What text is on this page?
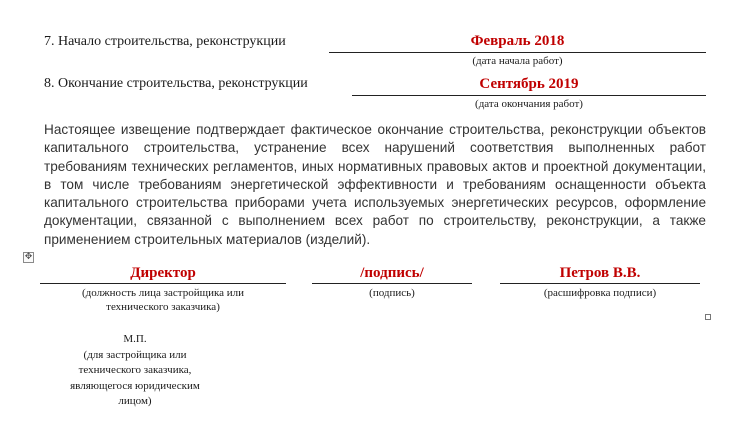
7. Начало строительства, реконструкции	Февраль 2018
(дата начала работ)
8. Окончание строительства, реконструкции	Сентябрь 2019
(дата окончания работ)
Настоящее извещение подтверждает фактическое окончание строительства, реконструкции объектов капитального строительства, устранение всех нарушений соответствия выполненных работ требованиям технических регламентов, иных нормативных правовых актов и проектной документации, в том числе требованиям энергетической эффективности и требованиям оснащенности объекта капитального строительства приборами учета используемых энергетических ресурсов, оформление документации, связанной с выполнением всех работ по строительству, реконструкции, а также применением строительных материалов (изделий).
✥
Директор
(должность лица застройщика или
технического заказчика)
/подпись/
(подпись)
Петров В.В.
(расшифровка подписи)
М.П.
(для застройщика или
технического заказчика,
являющегося юридическим
лицом)
